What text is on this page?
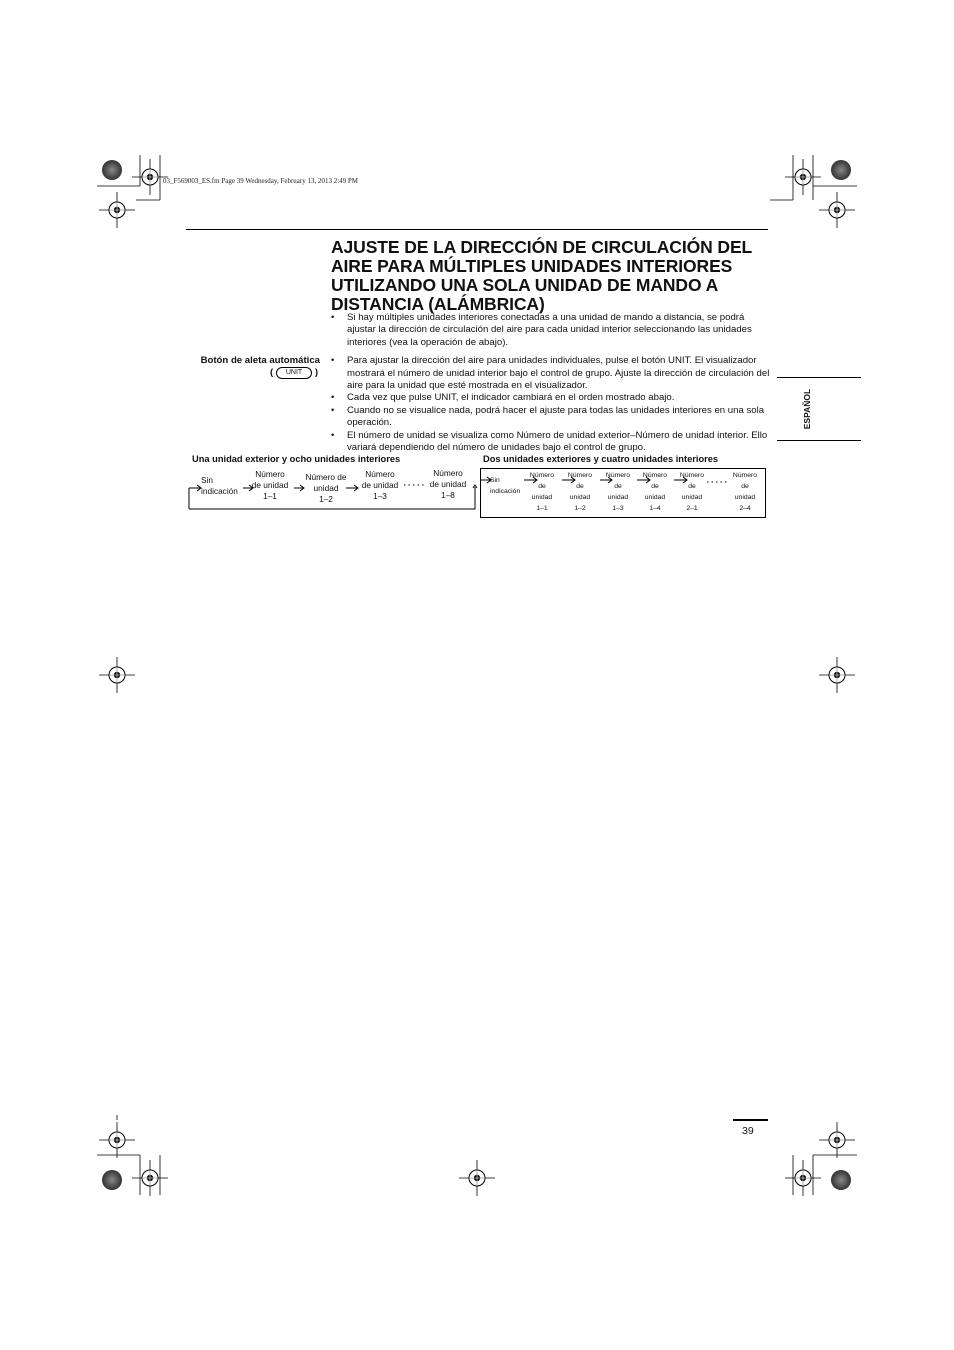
03_F569003_ES.fm Page 39 Wednesday, February 13, 2013 2:49 PM
AJUSTE DE LA DIRECCIÓN DE CIRCULACIÓN DEL
AIRE PARA MÚLTIPLES UNIDADES INTERIORES
UTILIZANDO UNA SOLA UNIDAD DE MANDO A
DISTANCIA (ALÁMBRICA)
• Si hay múltiples unidades interiores conectadas a una unidad de mando a distancia, se podrá ajustar la dirección de circulación del aire para cada unidad interior seleccionando las unidades interiores (vea la operación de abajo).
• Para ajustar la dirección del aire para unidades individuales, pulse el botón UNIT. El visualizador mostrará el número de unidad interior bajo el control de grupo. Ajuste la dirección de circulación del aire para la unidad que esté mostrada en el visualizador.
• Cada vez que pulse UNIT, el indicador cambiará en el orden mostrado abajo.
• Cuando no se visualice nada, podrá hacer el ajuste para todas las unidades interiores en una sola operación.
• El número de unidad se visualiza como Número de unidad exterior–Número de unidad interior. Ello variará dependiendo del número de unidades bajo el control de grupo.
Botón de aleta automática
( UNIT )
ESPAÑOL
Una unidad exterior y ocho unidades interiores	Dos unidades exteriores y cuatro unidades interiores
Sin
indicación
Número
de unidad
1–1
Número de
unidad
1–2
Número
de unidad
1–3
Número
de unidad
1–8
Sin
indicación
Número
de
unidad
1–1
Número
de
unidad
1–2
Número
de
unidad
1–3
Número
de
unidad
1–4
Número
de
unidad
2–1
Número
de
unidad
2–4
39
